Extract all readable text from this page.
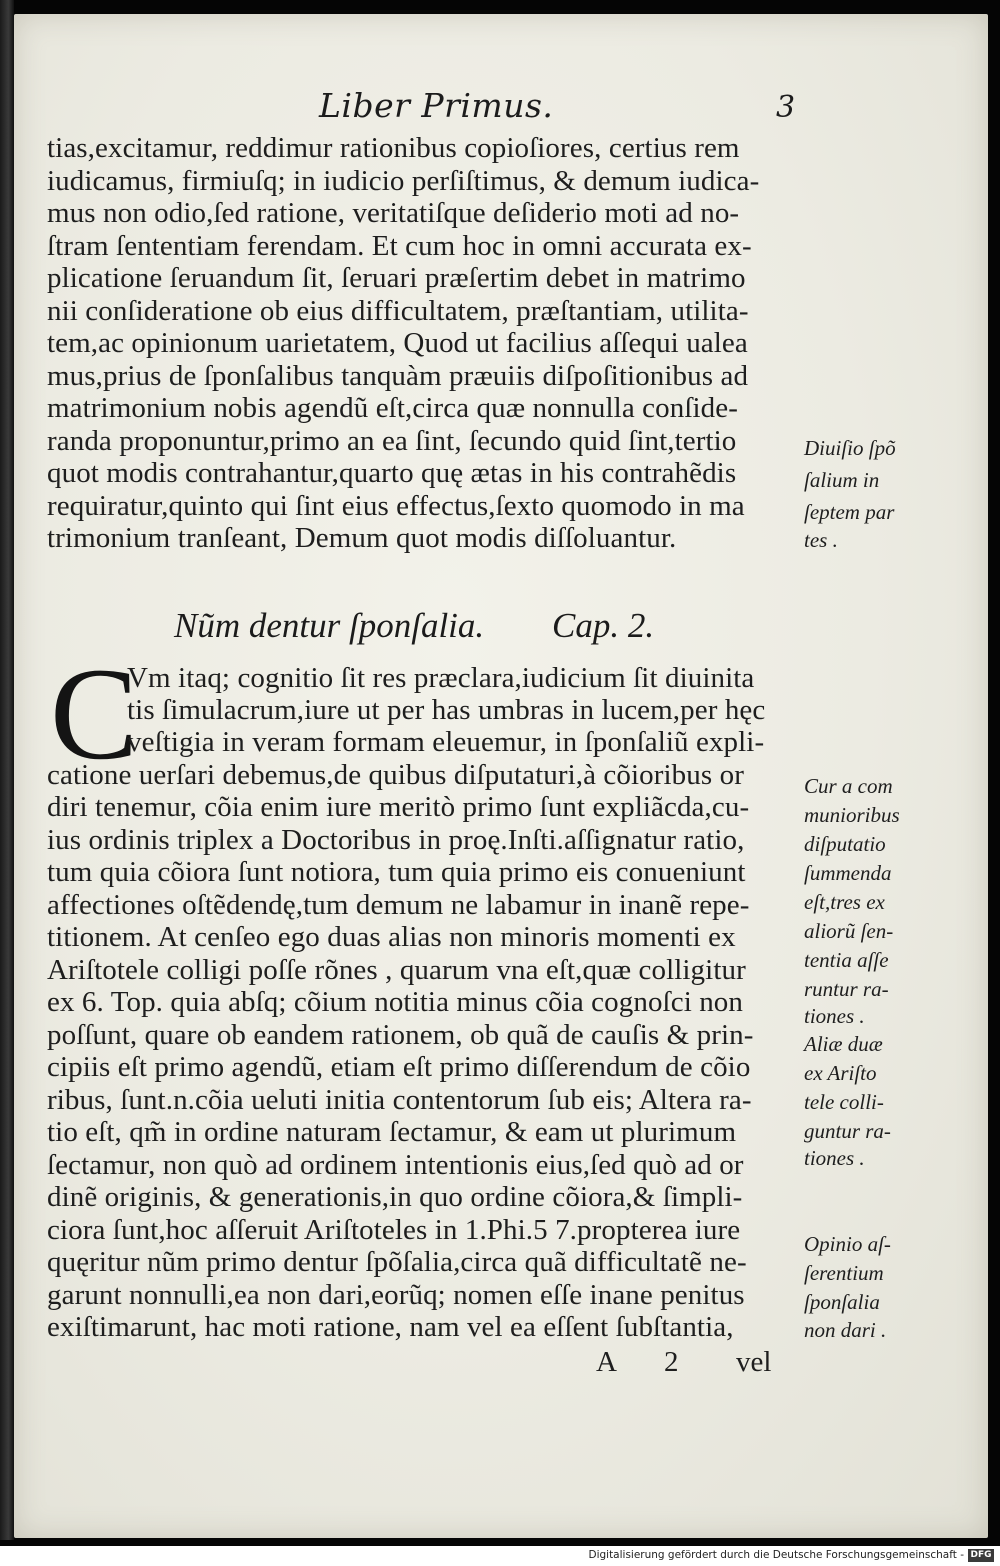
Liber Primus.	3
tias,excitamur, reddimur rationibus copioſiores, certius rem
iudicamus, firmiuſq; in iudicio perſiſtimus, & demum iudica-
mus non odio,ſed ratione, veritatiſque deſiderio moti ad no-
ſtram ſententiam ferendam. Et cum hoc in omni accurata ex-
plicatione ſeruandum ſit, ſeruari præſertim debet in matrimo
nii conſideratione ob eius difficultatem, præſtantiam, utilita-
tem,ac opinionum uarietatem, Quod ut facilius aſſequi ualea
mus,prius de ſponſalibus tanquàm præuiis diſpoſitionibus ad
matrimonium nobis agendũ eſt,circa quæ nonnulla conſide-
randa proponuntur,primo an ea ſint, ſecundo quid ſint,tertio
quot modis contrahantur,quarto quę ætas in his contrahẽdis
requiratur,quinto qui ſint eius effectus,ſexto quomodo in ma
trimonium tranſeant, Demum quot modis diſſoluantur.
Nũm dentur ſponſalia. Cap. 2.
C
Vm itaq; cognitio ſit res præclara,iudicium ſit diuinita
tis ſimulacrum,iure ut per has umbras in lucem,per hęc
veſtigia in veram formam eleuemur, in ſponſaliũ expli-
catione uerſari debemus,de quibus diſputaturi,à cõioribus or
diri tenemur, cõia enim iure meritò primo ſunt expliãcda,cu-
ius ordinis triplex a Doctoribus in proę.Inſti.aſſignatur ratio,
tum quia cõiora ſunt notiora, tum quia primo eis conueniunt
affectiones oſtẽdendę,tum demum ne labamur in inanẽ repe-
titionem. At cenſeo ego duas alias non minoris momenti ex
Ariſtotele colligi poſſe rõnes , quarum vna eſt,quæ colligitur
ex 6. Top. quia abſq; cõium notitia minus cõia cognoſci non
poſſunt, quare ob eandem rationem, ob quã de cauſis & prin-
cipiis eſt primo agendũ, etiam eſt primo diſſerendum de cõio
ribus, ſunt.n.cõia ueluti initia contentorum ſub eis; Altera ra-
tio eſt, qm̃ in ordine naturam ſectamur, & eam ut plurimum
ſectamur, non quò ad ordinem intentionis eius,ſed quò ad or
dinẽ originis, & generationis,in quo ordine cõiora,& ſimpli-
ciora ſunt,hoc aſſeruit Ariſtoteles in 1.Phi.5 7.propterea iure
quęritur nũm primo dentur ſpõſalia,circa quã difficultatẽ ne-
garunt nonnulli,ea non dari,eorũq; nomen eſſe inane penitus
exiſtimarunt, hac moti ratione, nam vel ea eſſent ſubſtantia,
Diuiſio ſpõ
ſalium in
ſeptem par
tes .
Cur a com
munioribus
diſputatio
ſummenda
eſt,tres ex
aliorũ ſen-
tentia aſſe
runtur ra-
tiones .
Aliæ duæ
ex Ariſto
tele colli-
guntur ra-
tiones .
Opinio aſ-
ſerentium
ſponſalia
non dari .
A 2 vel
Digitalisierung gefördert durch die Deutsche Forschungsgemeinschaft - DFG
